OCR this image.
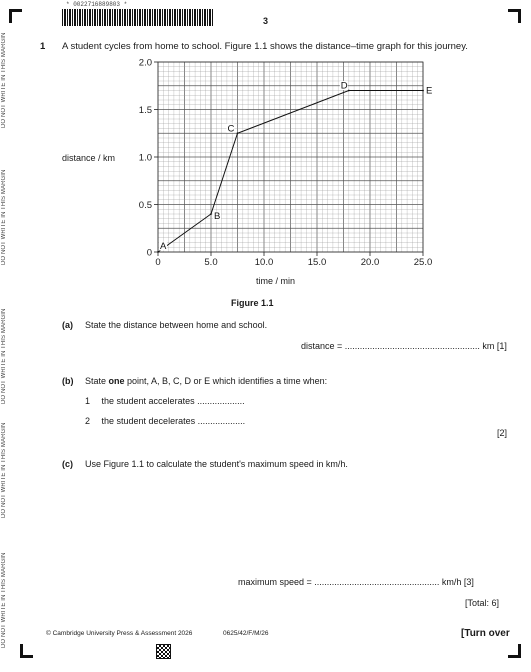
DO NOT WRITE IN THIS MARGIN
DO NOT WRITE IN THIS MARGIN
DO NOT WRITE IN THIS MARGIN
DO NOT WRITE IN THIS MARGIN
DO NOT WRITE IN THIS MARGIN
* 0022716889803 *
3
1 A student cycles from home to school. Figure 1.1 shows the distance–time graph for this journey.
distance / km
0	5.0	10.0	15.0	20.0	25.0
0
0.5
1.0
1.5
2.0
A
B
C
D	E
time / min
Figure 1.1
(a) State the distance between home and school.
distance = ...................................................... km [1]
(b) State one point, A, B, C, D or E which identifies a time when:
1 the student accelerates ...................
2 the student decelerates ...................
[2]
(c) Use Figure 1.1 to calculate the student's maximum speed in km/h.
maximum speed = .................................................. km/h [3]
[Total: 6]
© Cambridge University Press & Assessment 2026	0625/42/F/M/26	[Turn over
